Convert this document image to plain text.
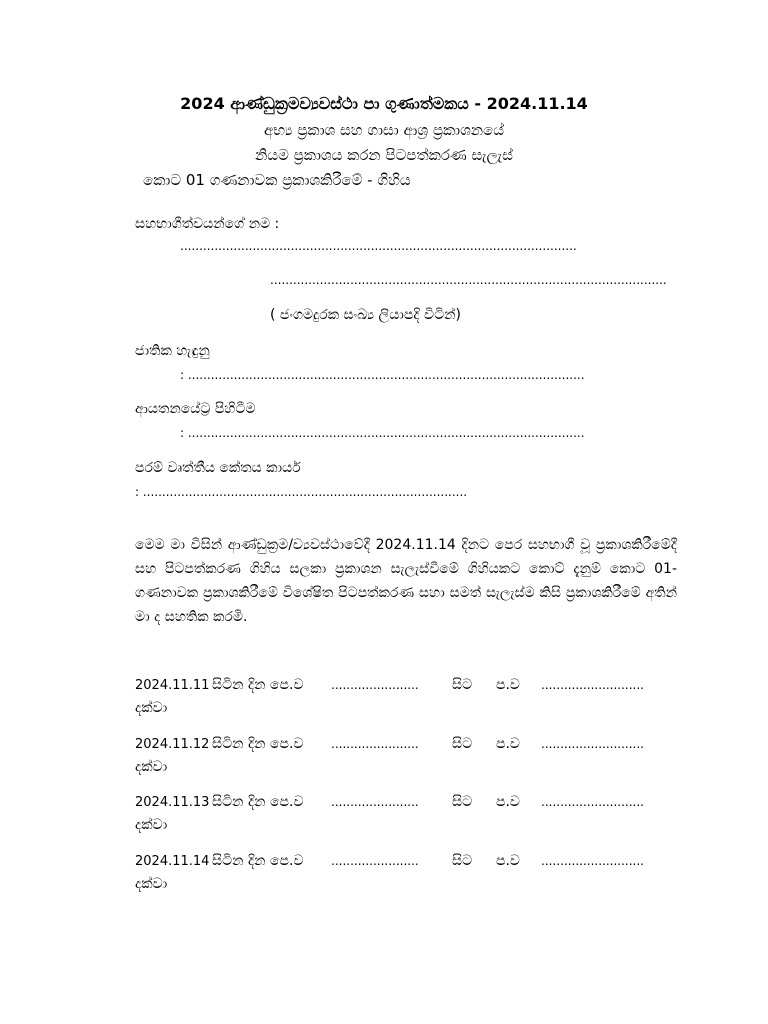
2024 ආණ්ඩුක්‍රමව්‍යවස්ථා පා ගුණාත්මකය - 2024.11.14
අභ්‍ය ප්‍රකාශ සහ ගාසා ආශ්‍ර ප්‍රකාශනයේ
නියම ප්‍රකාශය කරන පිටපත්කරණ සැලැස්
කොට 01 ගණනාවක ප්‍රකාශකිරීමේ - ගිහිය
සහභාගීත්වයන්ගේ නම :
........................................................................................................
........................................................................................................
( ජංගමදුරක සංඛ්‍ය ලියාපදි විටින්)
ජාතික හැඳුනු
: ........................................................................................................
ආයතනයේ‍ට්‍ර පිහිටීම
: ........................................................................................................
පරම් වෘත්තීය කේතය කාර්ය
: .....................................................................................
මෙම මා විසින් ආණ්ඩුක්‍රම/ව්‍යවස්ථාවේදී 2024.11.14 දිනට පෙර සහභාගී වූ ප්‍රකාශකිරීමේදී සහ පිටපත්කරණ ගිහිය සලකා ප්‍රකාශන සැලැස්වීමේ ගිහියකට කොට් දැනුම් කොට 01- ගණනාවක ප්‍රකාශකිරීමේ විශේෂිත පිටපත්කරණ සහා සමත් සැලැස්ම කිසි ප්‍රකාශකිරීමේ අතින් මා ද සහතික කරමි.
2024.11.11 සිටින දින පෙ.ව .......................	සිට ප.ව ...........................
දක්වා
2024.11.12 සිටින දින පෙ.ව .......................	සිට ප.ව ...........................
දක්වා
2024.11.13 සිටින දින පෙ.ව .......................	සිට ප.ව ...........................
දක්වා
2024.11.14 සිටින දින පෙ.ව .......................	සිට ප.ව ...........................
දක්වා
